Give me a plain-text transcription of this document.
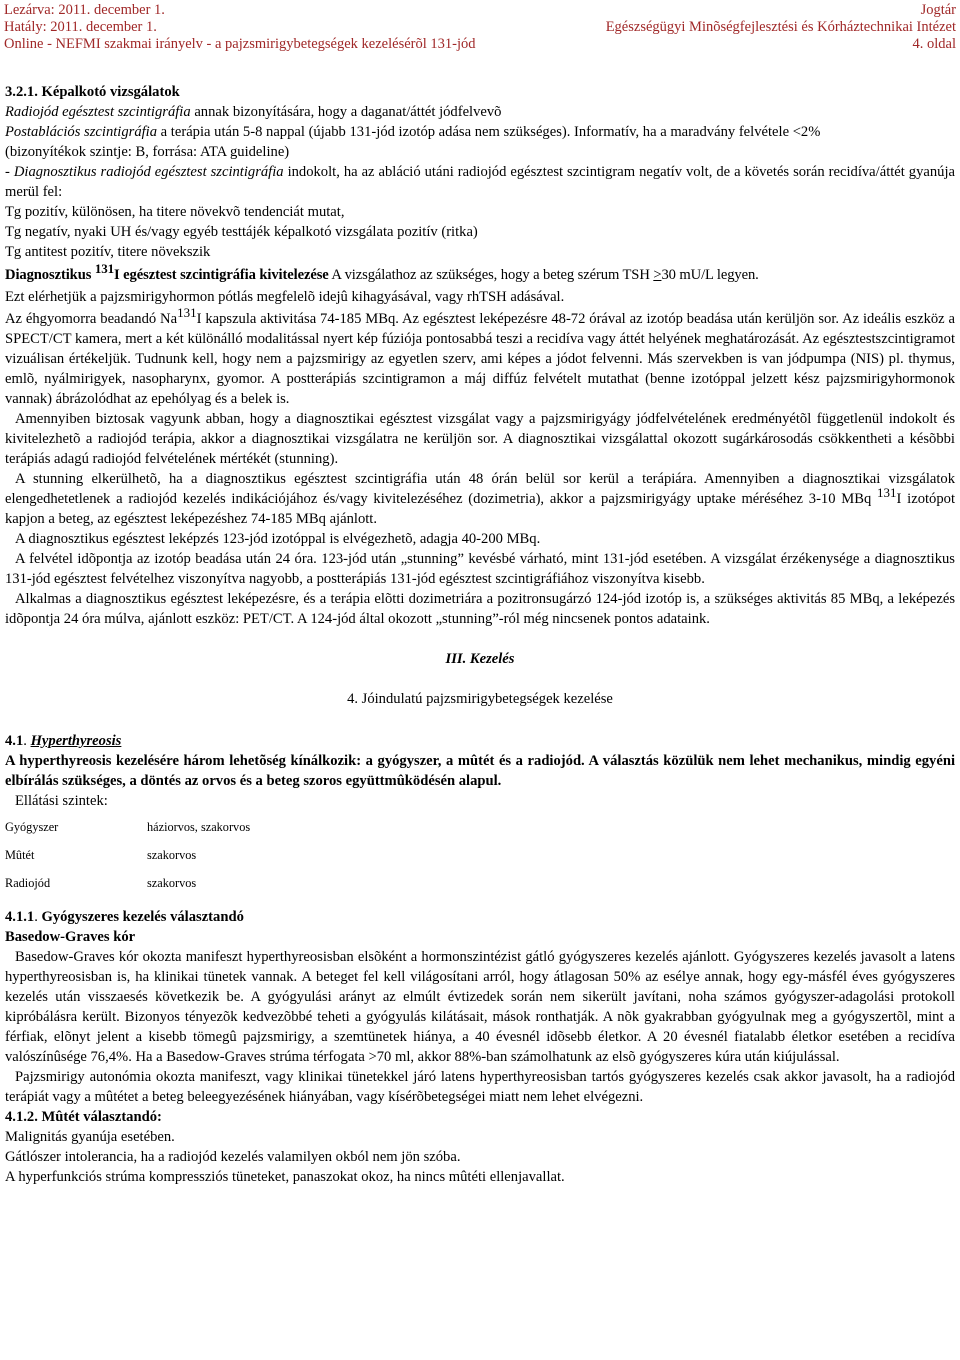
Lezárva: 2011. december 1.	Jogtár
Hatály: 2011. december 1.	Egészségügyi Minõségfejlesztési és Kórháztechnikai Intézet
Online - NEFMI szakmai irányelv - a pajzsmirigybetegségek kezelésérõl 131-jód	4. oldal

3.2.1. Képalkotó vizsgálatok

Radiojód egésztest szcintigráfia annak bizonyítására, hogy a daganat/áttét jódfelvevõ

Postablációs szcintigráfia a terápia után 5-8 nappal (újabb 131-jód izotóp adása nem szükséges). Informatív, ha a maradvány felvétele <2%

(bizonyítékok szintje: B, forrása: ATA guideline)

- Diagnosztikus radiojód egésztest szcintigráfia indokolt, ha az abláció utáni radiojód egésztest szcintigram negatív volt, de a követés során recidíva/áttét gyanúja merül fel:

Tg pozitív, különösen, ha titere növekvõ tendenciát mutat,

Tg negatív, nyaki UH és/vagy egyéb testtájék képalkotó vizsgálata pozitív (ritka)

Tg antitest pozitív, titere növekszik

Diagnosztikus $^{131}$I egésztest szcintigráfia kivitelezése A vizsgálathoz az szükséges, hogy a beteg szérum TSH >30 mU/L legyen.

Ezt elérhetjük a pajzsmirigyhormon pótlás megfelelõ idejû kihagyásával, vagy rhTSH adásával.

Az éhgyomorra beadandó Na$^{131}$I kapszula aktivitása 74-185 MBq. Az egésztest leképezésre 48-72 órával az izotóp beadása után kerüljön sor. Az ideális eszköz a SPECT/CT kamera, mert a két különálló modalitással nyert kép fúziója pontosabbá teszi a recidíva vagy áttét helyének meghatározását. Az egésztestszcintigramot vizuálisan értékeljük. Tudnunk kell, hogy nem a pajzsmirigy az egyetlen szerv, ami képes a jódot felvenni. Más szervekben is van jódpumpa (NIS) pl. thymus, emlõ, nyálmirigyek, nasopharynx, gyomor. A postterápiás szcintigramon a máj diffúz felvételt mutathat (benne izotóppal jelzett kész pajzsmirigyhormonok vannak) ábrázolódhat az epehólyag és a belek is.

Amennyiben biztosak vagyunk abban, hogy a diagnosztikai egésztest vizsgálat vagy a pajzsmirigyágy jódfelvételének eredményétõl függetlenül indokolt és kivitelezhetõ a radiojód terápia, akkor a diagnosztikai vizsgálatra ne kerüljön sor. A diagnosztikai vizsgálattal okozott sugárkárosodás csökkentheti a késõbbi terápiás adagú radiojód felvételének mértékét (stunning).

A stunning elkerülhetõ, ha a diagnosztikus egésztest szcintigráfia után 48 órán belül sor kerül a terápiára. Amennyiben a diagnosztikai vizsgálatok elengedhetetlenek a radiojód kezelés indikációjához és/vagy kivitelezéséhez (dozimetria), akkor a pajzsmirigyágy uptake méréséhez 3-10 MBq $^{131}$I izotópot kapjon a beteg, az egésztest leképezéshez 74-185 MBq ajánlott.

A diagnosztikus egésztest leképzés 123-jód izotóppal is elvégezhetõ, adagja 40-200 MBq.

A felvétel idõpontja az izotóp beadása után 24 óra. 123-jód után „stunning” kevésbé várható, mint 131-jód esetében. A vizsgálat érzékenysége a diagnosztikus 131-jód egésztest felvételhez viszonyítva nagyobb, a postterápiás 131-jód egésztest szcintigráfiához viszonyítva kisebb.

Alkalmas a diagnosztikus egésztest leképezésre, és a terápia elõtti dozimetriára a pozitronsugárzó 124-jód izotóp is, a szükséges aktivitás 85 MBq, a leképezés idõpontja 24 óra múlva, ajánlott eszköz: PET/CT. A 124-jód által okozott „stunning”-ról még nincsenek pontos adataink.

III. Kezelés

4. Jóindulatú pajzsmirigybetegségek kezelése

4.1. Hyperthyreosis

A hyperthyreosis kezelésére három lehetõség kínálkozik: a gyógyszer, a mûtét és a radiojód. A választás közülük nem lehet mechanikus, mindig egyéni elbírálás szükséges, a döntés az orvos és a beteg szoros együttmûködésén alapul.

Ellátási szintek:

Gyógyszer	háziorvos, szakorvos
Mûtét	szakorvos
Radiojód	szakorvos

4.1.1. Gyógyszeres kezelés választandó

Basedow-Graves kór

Basedow-Graves kór okozta manifeszt hyperthyreosisban elsõként a hormonszintézist gátló gyógyszeres kezelés ajánlott. Gyógyszeres kezelés javasolt a latens hyperthyreosisban is, ha klinikai tünetek vannak. A beteget fel kell világosítani arról, hogy átlagosan 50% az esélye annak, hogy egy-másfél éves gyógyszeres kezelés után visszaesés következik be. A gyógyulási arányt az elmúlt évtizedek során nem sikerült javítani, noha számos gyógyszer-adagolási protokoll kipróbálásra került. Bizonyos tényezõk kedvezõbbé teheti a gyógyulás kilátásait, mások ronthatják. A nõk gyakrabban gyógyulnak meg a gyógyszertõl, mint a férfiak, elõnyt jelent a kisebb tömegû pajzsmirigy, a szemtünetek hiánya, a 40 évesnél idõsebb életkor. A 20 évesnél fiatalabb életkor esetében a recidíva valószínûsége 76,4%. Ha a Basedow-Graves strúma térfogata >70 ml, akkor 88%-ban számolhatunk az elsõ gyógyszeres kúra után kiújulással.

Pajzsmirigy autonómia okozta manifeszt, vagy klinikai tünetekkel járó latens hyperthyreosisban tartós gyógyszeres kezelés csak akkor javasolt, ha a radiojód terápiát vagy a mûtétet a beteg beleegyezésének hiányában, vagy kísérõbetegségei miatt nem lehet elvégezni.

4.1.2. Mûtét választandó:

Malignitás gyanúja esetében.

Gátlószer intolerancia, ha a radiojód kezelés valamilyen okból nem jön szóba.

A hyperfunkciós strúma kompressziós tüneteket, panaszokat okoz, ha nincs mûtéti ellenjavallat.
